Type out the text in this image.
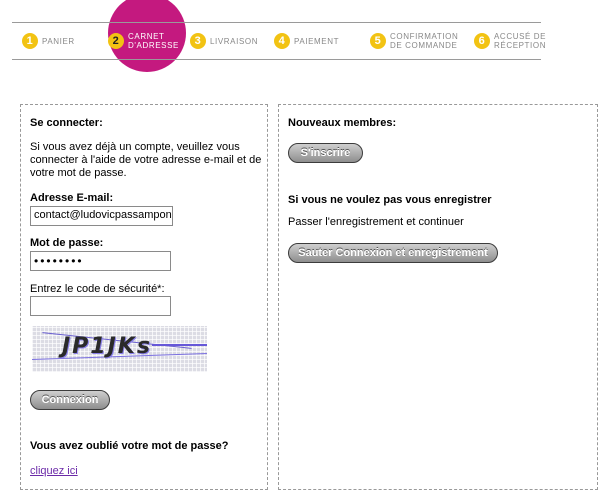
1	PANIER	2	CARNET
D'ADRESSE	3	LIVRAISON	4	PAIEMENT	5	CONFIRMATION
DE COMMANDE	6	ACCUSÉ DE
RÉCEPTION
Se connecter:
Si vous avez déjà un compte, veuillez vous
connecter à l'aide de votre adresse e-mail et de
votre mot de passe.
Adresse E-mail:
contact@ludovicpassampon
Mot de passe:
••••••••
Entrez le code de sécurité*:
JP1JKs
Connexion
Vous avez oublié votre mot de passe?
cliquez ici
Nouveaux membres:
S'inscrire
Si vous ne voulez pas vous enregistrer
Passer l'enregistrement et continuer
Sauter Connexion et enregistrement
